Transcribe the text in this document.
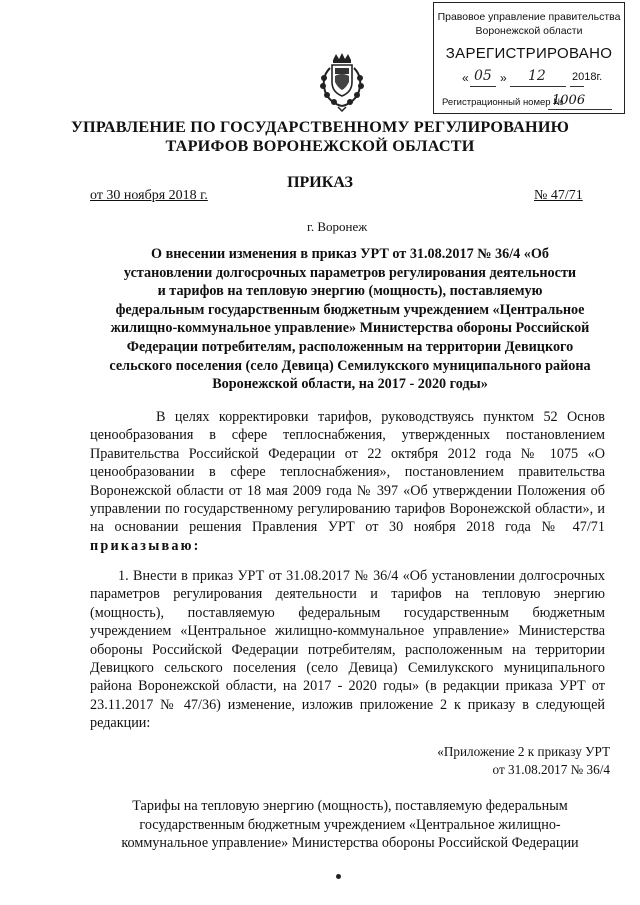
Правовое управление правительства
Воронежской области
ЗАРЕГИСТРИРОВАНО
« 05 » 12 2018г.
Регистрационный номер №
1006
УПРАВЛЕНИЕ ПО ГОСУДАРСТВЕННОМУ РЕГУЛИРОВАНИЮ
ТАРИФОВ ВОРОНЕЖСКОЙ ОБЛАСТИ
ПРИКАЗ
от 30 ноября 2018 г.	№ 47/71
г. Воронеж
О внесении изменения в приказ УРТ от 31.08.2017 № 36/4 «Об
установлении долгосрочных параметров регулирования деятельности
и тарифов на тепловую энергию (мощность), поставляемую
федеральным государственным бюджетным учреждением «Центральное
жилищно-коммунальное управление» Министерства обороны Российской
Федерации потребителям, расположенным на территории Девицкого
сельского поселения (село Девица) Семилукского муниципального района
Воронежской области, на 2017 - 2020 годы»
В целях корректировки тарифов, руководствуясь пунктом 52 Основ ценообразования в сфере теплоснабжения, утвержденных постановлением Правительства Российской Федерации от 22 октября 2012 года № 1075 «О ценообразовании в сфере теплоснабжения», постановлением правительства Воронежской области от 18 мая 2009 года № 397 «Об утверждении Положения об управлении по государственному регулированию тарифов Воронежской области», и на основании решения Правления УРТ от 30 ноября 2018 года № 47/71 приказываю:
1. Внести в приказ УРТ от 31.08.2017 № 36/4 «Об установлении долгосрочных параметров регулирования деятельности и тарифов на тепловую энергию (мощность), поставляемую федеральным государственным бюджетным учреждением «Центральное жилищно-коммунальное управление» Министерства обороны Российской Федерации потребителям, расположенным на территории Девицкого сельского поселения (село Девица) Семилукского муниципального района Воронежской области, на 2017 - 2020 годы» (в редакции приказа УРТ от 23.11.2017 № 47/36) изменение, изложив приложение 2 к приказу в следующей редакции:
«Приложение 2 к приказу УРТ
от 31.08.2017 № 36/4
Тарифы на тепловую энергию (мощность), поставляемую федеральным
государственным бюджетным учреждением «Центральное жилищно-
коммунальное управление» Министерства обороны Российской Федерации
